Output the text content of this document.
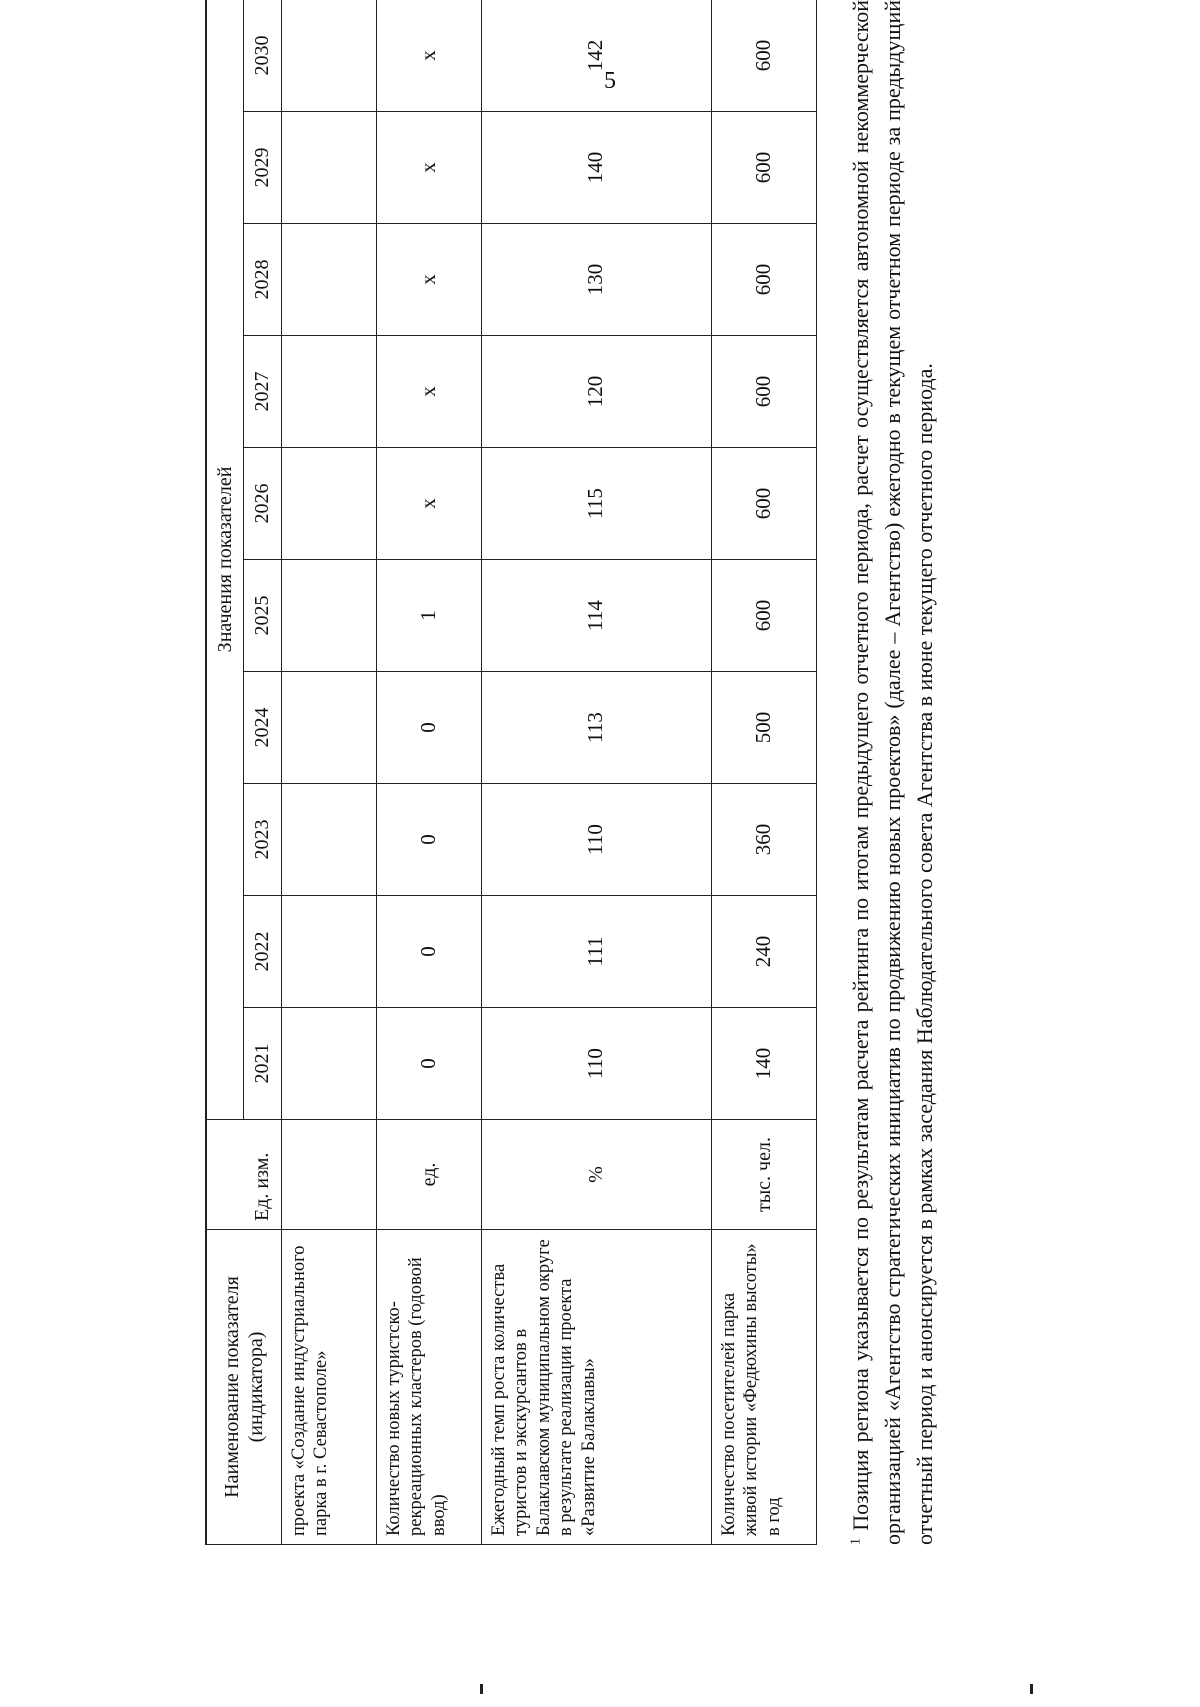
5
Наименование показателя (индикатора)	Ед. изм.	Значения показателей									
		2021	2022	2023	2024	2025	2026	2027	2028	2029	2030
проекта «Создание индустриального парка в г. Севастополе»											
Количество новых туристско-рекреационных кластеров (годовой ввод)	ед.	0	0	0	0	1	x	x	x	x	x
Ежегодный темп роста количества туристов и экскурсантов в Балаклавском муниципальном округе в результате реализации проекта «Развитие Балаклавы»	%	110	111	110	113	114	115	120	130	140	142
Количество посетителей парка живой истории «Федюхины высоты» в год	тыс. чел.	140	240	360	500	600	600	600	600	600	600
$^1$ Позиция региона указывается по результатам расчета рейтинга по итогам предыдущего отчетного периода, расчет осуществляется автономной некоммерческой организацией «Агентство стратегических инициатив по продвижению новых проектов» (далее – Агентство) ежегодно в текущем отчетном периоде за предыдущий отчетный период и анонсируется в рамках заседания Наблюдательного совета Агентства в июне текущего отчетного периода.
